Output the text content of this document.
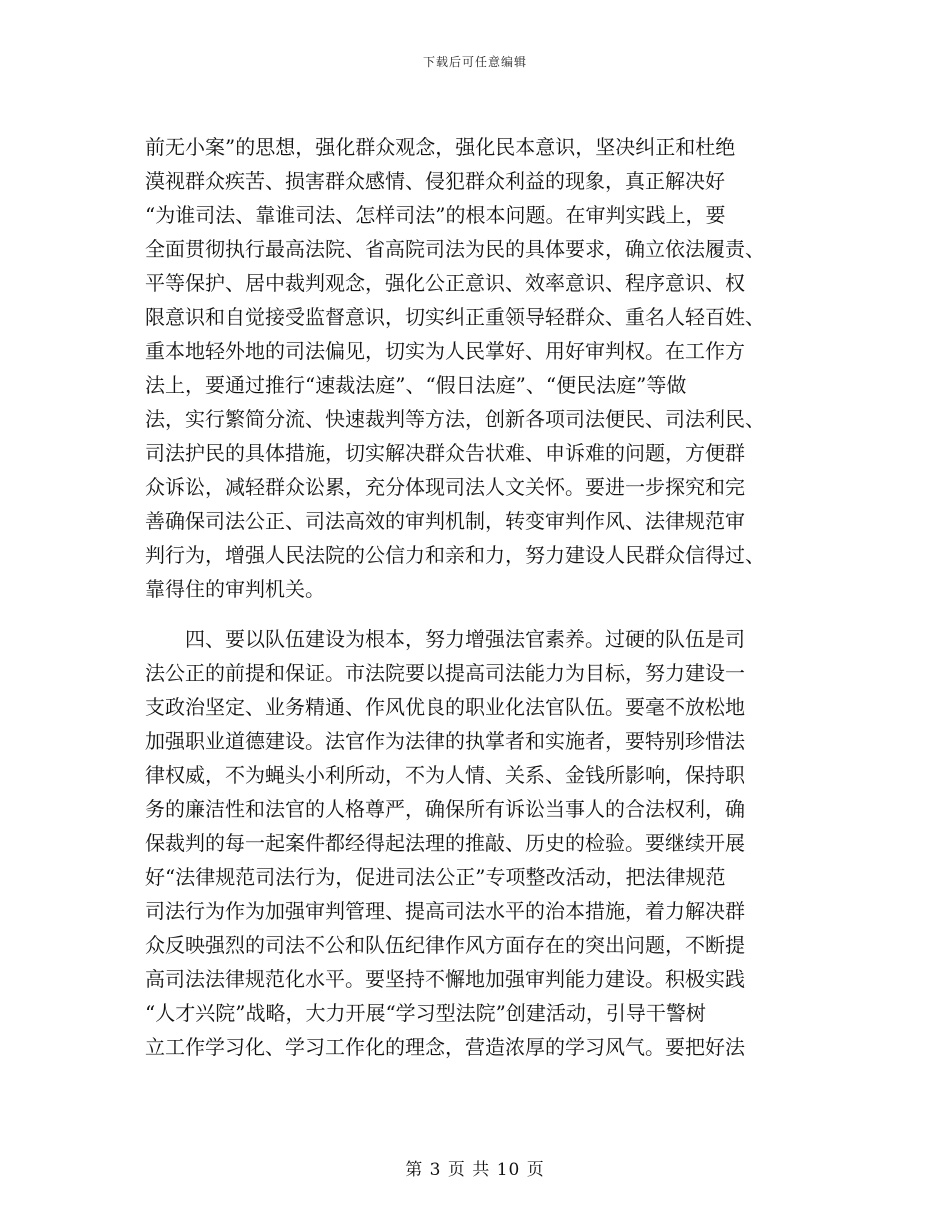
下载后可任意编辑
前无小案”的思想，强化群众观念，强化民本意识，坚决纠正和杜绝
漠视群众疾苦、损害群众感情、侵犯群众利益的现象，真正解决好
“为谁司法、靠谁司法、怎样司法”的根本问题。在审判实践上，要
全面贯彻执行最高法院、省高院司法为民的具体要求，确立依法履责、
平等保护、居中裁判观念，强化公正意识、效率意识、程序意识、权
限意识和自觉接受监督意识，切实纠正重领导轻群众、重名人轻百姓、
重本地轻外地的司法偏见，切实为人民掌好、用好审判权。在工作方
法上，要通过推行“速裁法庭”、“假日法庭”、“便民法庭”等做
法，实行繁简分流、快速裁判等方法，创新各项司法便民、司法利民、
司法护民的具体措施，切实解决群众告状难、申诉难的问题，方便群
众诉讼，减轻群众讼累，充分体现司法人文关怀。要进一步探究和完
善确保司法公正、司法高效的审判机制，转变审判作风、法律规范审
判行为，增强人民法院的公信力和亲和力，努力建设人民群众信得过、
靠得住的审判机关。
　　四、要以队伍建设为根本，努力增强法官素养。过硬的队伍是司
法公正的前提和保证。市法院要以提高司法能力为目标，努力建设一
支政治坚定、业务精通、作风优良的职业化法官队伍。要毫不放松地
加强职业道德建设。法官作为法律的执掌者和实施者，要特别珍惜法
律权威，不为蝇头小利所动，不为人情、关系、金钱所影响，保持职
务的廉洁性和法官的人格尊严，确保所有诉讼当事人的合法权利，确
保裁判的每一起案件都经得起法理的推敲、历史的检验。要继续开展
好“法律规范司法行为，促进司法公正”专项整改活动，把法律规范
司法行为作为加强审判管理、提高司法水平的治本措施，着力解决群
众反映强烈的司法不公和队伍纪律作风方面存在的突出问题，不断提
高司法法律规范化水平。要坚持不懈地加强审判能力建设。积极实践
“人才兴院”战略，大力开展“学习型法院”创建活动，引导干警树
立工作学习化、学习工作化的理念，营造浓厚的学习风气。要把好法
第 3 页 共 10 页
